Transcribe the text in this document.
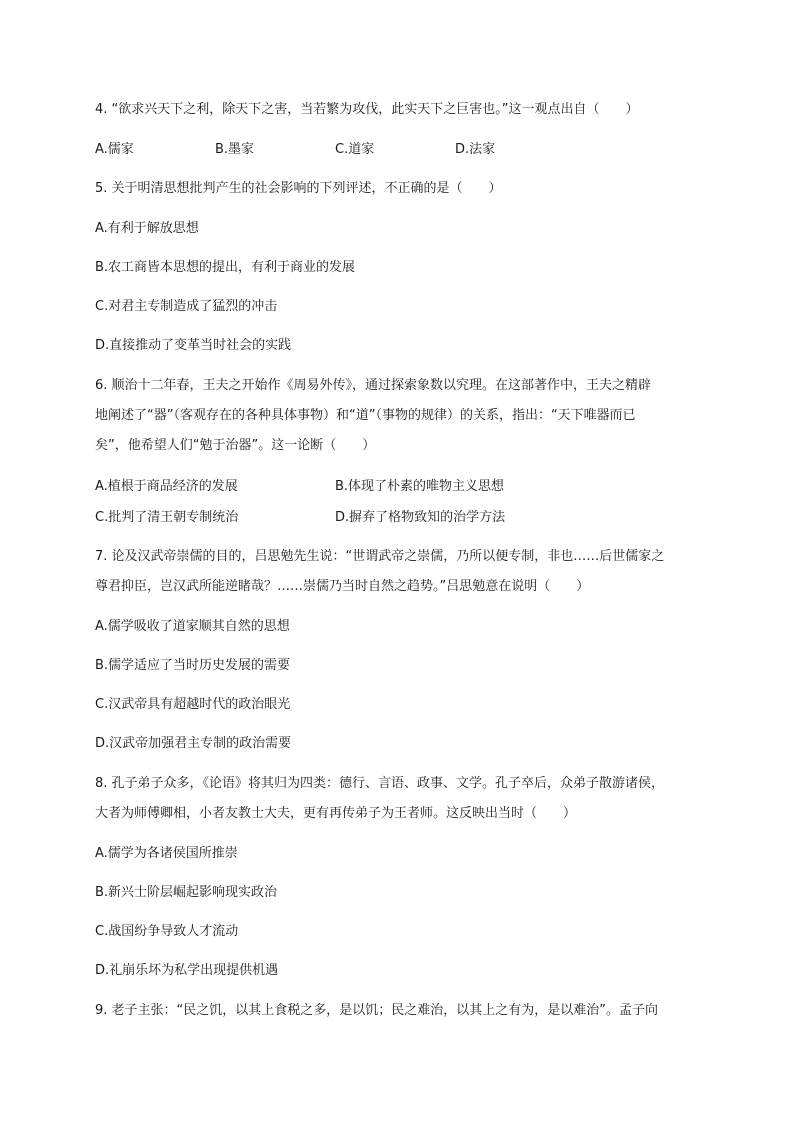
4. “欲求兴天下之利，除天下之害，当若繁为攻伐，此实天下之巨害也。”这一观点出自（　　）
A.儒家	B.墨家	C.道家	D.法家
5. 关于明清思想批判产生的社会影响的下列评述，不正确的是（　　）
A.有利于解放思想
B.农工商皆本思想的提出，有利于商业的发展
C.对君主专制造成了猛烈的冲击
D.直接推动了变革当时社会的实践
6. 顺治十二年春，王夫之开始作《周易外传》，通过探索象数以究理。在这部著作中，王夫之精辟
地阐述了“器”（客观存在的各种具体事物）和“道”（事物的规律）的关系，指出：“天下唯器而已
矣”，他希望人们“勉于治器”。这一论断（　　）
A.植根于商品经济的发展	B.体现了朴素的唯物主义思想
C.批判了清王朝专制统治	D.摒弃了格物致知的治学方法
7. 论及汉武帝崇儒的目的，吕思勉先生说：“世谓武帝之崇儒，乃所以便专制，非也……后世儒家之
尊君抑臣，岂汉武所能逆睹哉？……崇儒乃当时自然之趋势。”吕思勉意在说明（　　）
A.儒学吸收了道家顺其自然的思想
B.儒学适应了当时历史发展的需要
C.汉武帝具有超越时代的政治眼光
D.汉武帝加强君主专制的政治需要
8. 孔子弟子众多，《论语》将其归为四类：德行、言语、政事、文学。孔子卒后，众弟子散游诸侯，
大者为师傅卿相，小者友教士大夫，更有再传弟子为王者师。这反映出当时（　　）
A.儒学为各诸侯国所推崇
B.新兴士阶层崛起影响现实政治
C.战国纷争导致人才流动
D.礼崩乐坏为私学出现提供机遇
9. 老子主张：“民之饥，以其上食税之多，是以饥；民之难治，以其上之有为，是以难治”。孟子向
